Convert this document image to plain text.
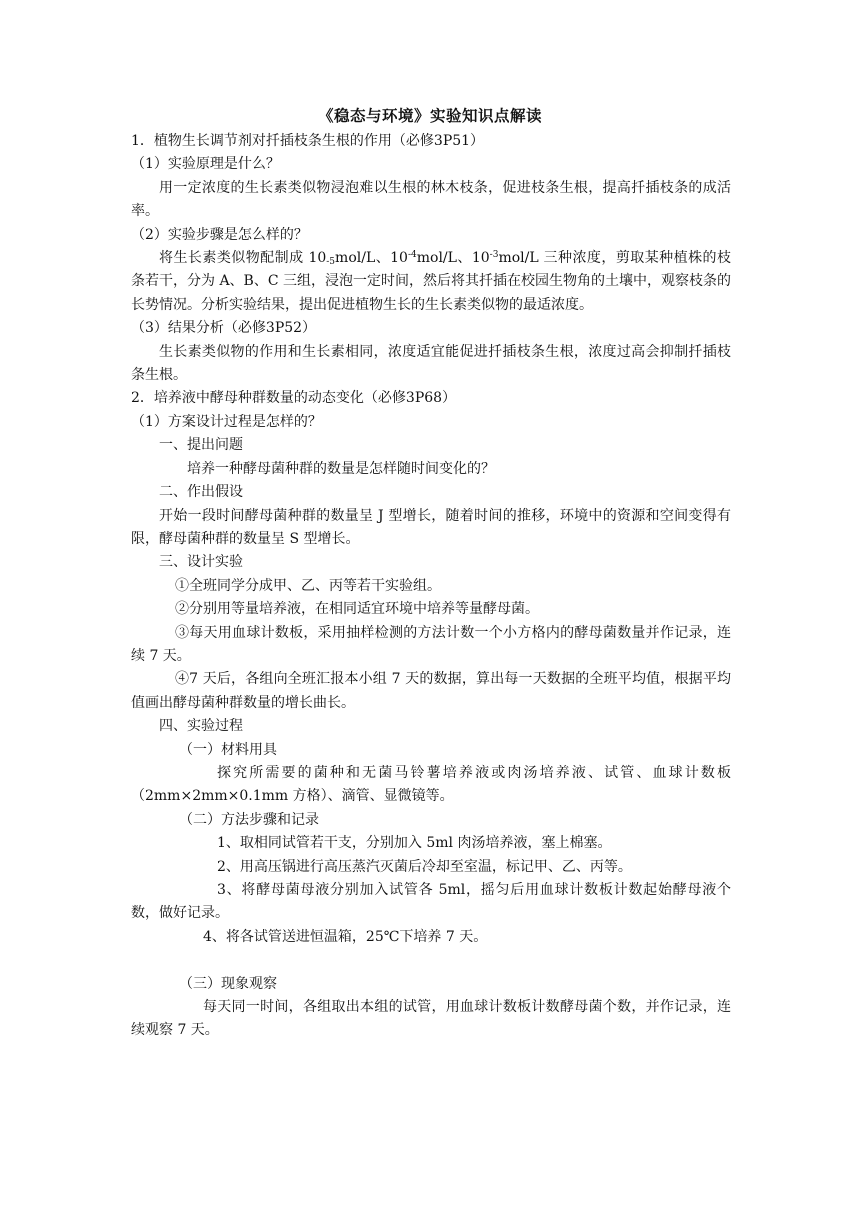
《稳态与环境》实验知识点解读

1．植物生长调节剂对扦插枝条生根的作用（必修3P51）

（1）实验原理是什么？

用一定浓度的生长素类似物浸泡难以生根的林木枝条，促进枝条生根，提高扦插枝条的成活率。

（2）实验步骤是怎么样的？

将生长素类似物配制成 $10_{-5}mol/L$、$10^{-4}mol/L$、$10^{-3}mol/L$ 三种浓度，剪取某种植株的枝条若干，分为 A、B、C 三组，浸泡一定时间，然后将其扦插在校园生物角的土壤中，观察枝条的长势情况。分析实验结果，提出促进植物生长的生长素类似物的最适浓度。

（3）结果分析（必修3P52）

生长素类似物的作用和生长素相同，浓度适宜能促进扦插枝条生根，浓度过高会抑制扦插枝条生根。

2．培养液中酵母种群数量的动态变化（必修3P68）

（1）方案设计过程是怎样的？

一、提出问题

培养一种酵母菌种群的数量是怎样随时间变化的？

二、作出假设

开始一段时间酵母菌种群的数量呈 J 型增长，随着时间的推移，环境中的资源和空间变得有限，酵母菌种群的数量呈 S 型增长。

三、设计实验

①全班同学分成甲、乙、丙等若干实验组。

②分别用等量培养液，在相同适宜环境中培养等量酵母菌。

③每天用血球计数板，采用抽样检测的方法计数一个小方格内的酵母菌数量并作记录，连续 7 天。

④7 天后，各组向全班汇报本小组 7 天的数据，算出每一天数据的全班平均值，根据平均值画出酵母菌种群数量的增长曲长。

四、实验过程

（一）材料用具

探究所需要的菌种和无菌马铃薯培养液或肉汤培养液、试管、血球计数板（2mm×2mm×0.1mm 方格）、滴管、显微镜等。

（二）方法步骤和记录

1、取相同试管若干支，分别加入 5ml 肉汤培养液，塞上棉塞。

2、用高压锅进行高压蒸汽灭菌后冷却至室温，标记甲、乙、丙等。

3、将酵母菌母液分别加入试管各 5ml，摇匀后用血球计数板计数起始酵母液个数，做好记录。

4、将各试管送进恒温箱，25℃下培养 7 天。

（三）现象观察

每天同一时间，各组取出本组的试管，用血球计数板计数酵母菌个数，并作记录，连续观察 7 天。
